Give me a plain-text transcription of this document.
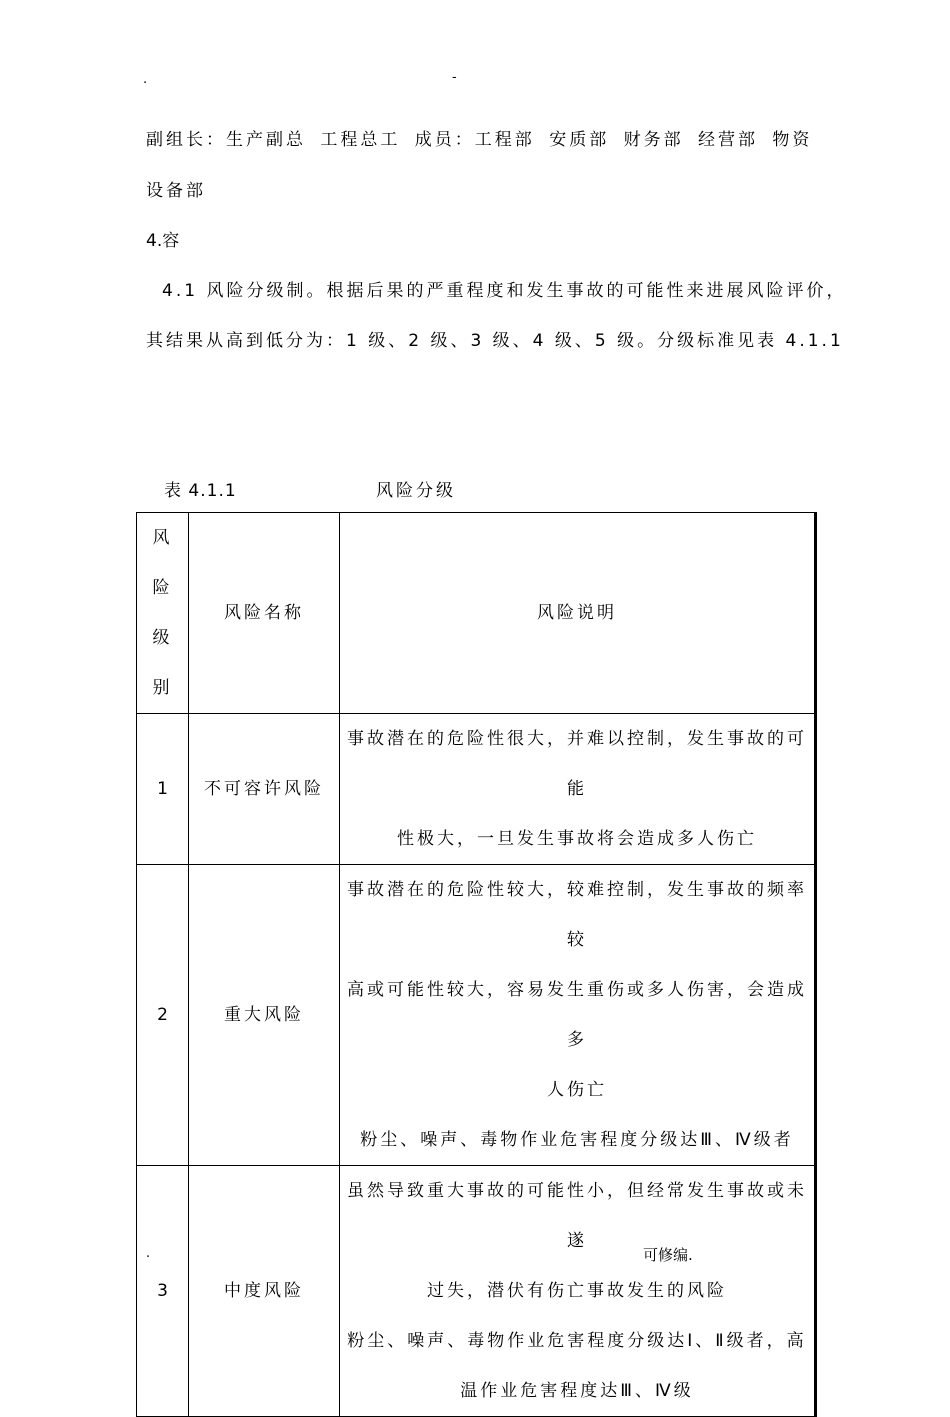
.	-
副组长：生产副总 工程总工 成员：工程部 安质部 财务部 经营部 物资
设备部
4.容
4.1 风险分级制。根据后果的严重程度和发生事故的可能性来进展风险评价，
其结果从高到低分为：1 级、2 级、3 级、4 级、5 级。分级标准见表 4.1.1
表 4.1.1	风险分级
风险级别	风险名称	风险说明
1	不可容许风险	事故潜在的危险性很大，并难以控制，发生事故的可能
性极大，一旦发生事故将会造成多人伤亡

2	重大风险	事故潜在的危险性较大，较难控制，发生事故的频率较
高或可能性较大，容易发生重伤或多人伤害，会造成多
人伤亡
粉尘、噪声、毒物作业危害程度分级达Ⅲ、Ⅳ级者

3	中度风险	虽然导致重大事故的可能性小，但经常发生事故或未遂
过失，潜伏有伤亡事故发生的风险
粉尘、噪声、毒物作业危害程度分级达Ⅰ、Ⅱ级者，高
温作业危害程度达Ⅲ、Ⅳ级
.	可修编.
